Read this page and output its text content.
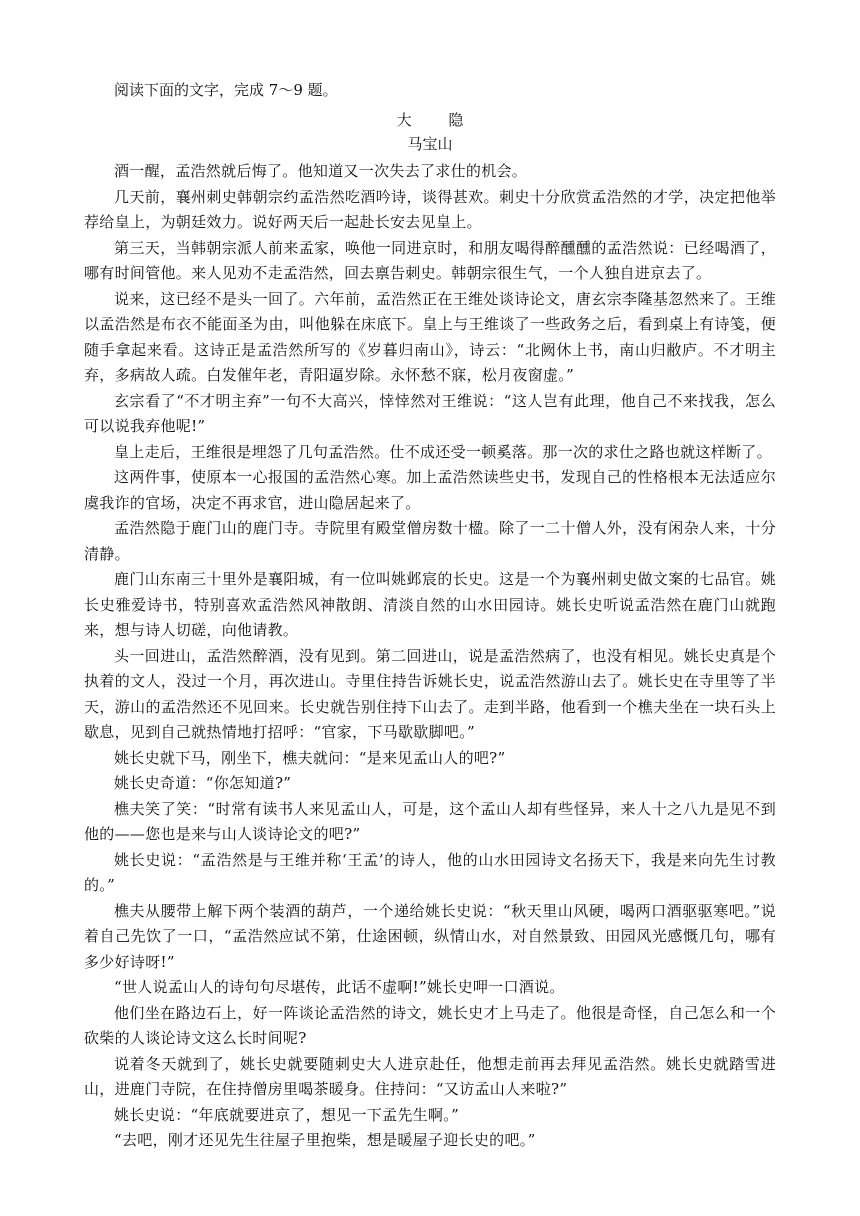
阅读下面的文字，完成 7～9 题。

大 隐

马宝山

酒一醒，孟浩然就后悔了。他知道又一次失去了求仕的机会。

几天前，襄州刺史韩朝宗约孟浩然吃酒吟诗，谈得甚欢。刺史十分欣赏孟浩然的才学，决定把他举荐给皇上，为朝廷效力。说好两天后一起赴长安去见皇上。

第三天，当韩朝宗派人前来孟家，唤他一同进京时，和朋友喝得醉醺醺的孟浩然说：已经喝酒了，哪有时间管他。来人见劝不走孟浩然，回去禀告刺史。韩朝宗很生气，一个人独自进京去了。

说来，这已经不是头一回了。六年前，孟浩然正在王维处谈诗论文，唐玄宗李隆基忽然来了。王维以孟浩然是布衣不能面圣为由，叫他躲在床底下。皇上与王维谈了一些政务之后，看到桌上有诗笺，便随手拿起来看。这诗正是孟浩然所写的《岁暮归南山》，诗云：“北阙休上书，南山归敝庐。不才明主弃，多病故人疏。白发催年老，青阳逼岁除。永怀愁不寐，松月夜窗虚。”

玄宗看了“不才明主弃”一句不大高兴，悻悻然对王维说：“这人岂有此理，他自己不来找我，怎么可以说我弃他呢!”

皇上走后，王维很是埋怨了几句孟浩然。仕不成还受一顿奚落。那一次的求仕之路也就这样断了。

这两件事，使原本一心报国的孟浩然心寒。加上孟浩然读些史书，发现自己的性格根本无法适应尔虞我诈的官场，决定不再求官，进山隐居起来了。

孟浩然隐于鹿门山的鹿门寺。寺院里有殿堂僧房数十楹。除了一二十僧人外，没有闲杂人来，十分清静。

鹿门山东南三十里外是襄阳城，有一位叫姚邺宸的长史。这是一个为襄州刺史做文案的七品官。姚长史雅爱诗书，特别喜欢孟浩然风神散朗、清淡自然的山水田园诗。姚长史听说孟浩然在鹿门山就跑来，想与诗人切磋，向他请教。

头一回进山，孟浩然醉酒，没有见到。第二回进山，说是孟浩然病了，也没有相见。姚长史真是个执着的文人，没过一个月，再次进山。寺里住持告诉姚长史，说孟浩然游山去了。姚长史在寺里等了半天，游山的孟浩然还不见回来。长史就告别住持下山去了。走到半路，他看到一个樵夫坐在一块石头上歇息，见到自己就热情地打招呼：“官家，下马歇歇脚吧。”

姚长史就下马，刚坐下，樵夫就问：“是来见孟山人的吧?”

姚长史奇道：“你怎知道?”

樵夫笑了笑：“时常有读书人来见孟山人，可是，这个孟山人却有些怪异，来人十之八九是见不到他的——您也是来与山人谈诗论文的吧?”

姚长史说：“孟浩然是与王维并称‘王孟’的诗人，他的山水田园诗文名扬天下，我是来向先生讨教的。”

樵夫从腰带上解下两个装酒的葫芦，一个递给姚长史说：“秋天里山风硬，喝两口酒驱驱寒吧。”说着自己先饮了一口，“孟浩然应试不第，仕途困顿，纵情山水，对自然景致、田园风光感慨几句，哪有多少好诗呀!”

“世人说孟山人的诗句句尽堪传，此话不虚啊!”姚长史呷一口酒说。

他们坐在路边石上，好一阵谈论孟浩然的诗文，姚长史才上马走了。他很是奇怪，自己怎么和一个砍柴的人谈论诗文这么长时间呢?

说着冬天就到了，姚长史就要随刺史大人进京赴任，他想走前再去拜见孟浩然。姚长史就踏雪进山，进鹿门寺院，在住持僧房里喝茶暖身。住持问：“又访孟山人来啦?”

姚长史说：“年底就要进京了，想见一下孟先生啊。”

“去吧，刚才还见先生往屋子里抱柴，想是暖屋子迎长史的吧。”
